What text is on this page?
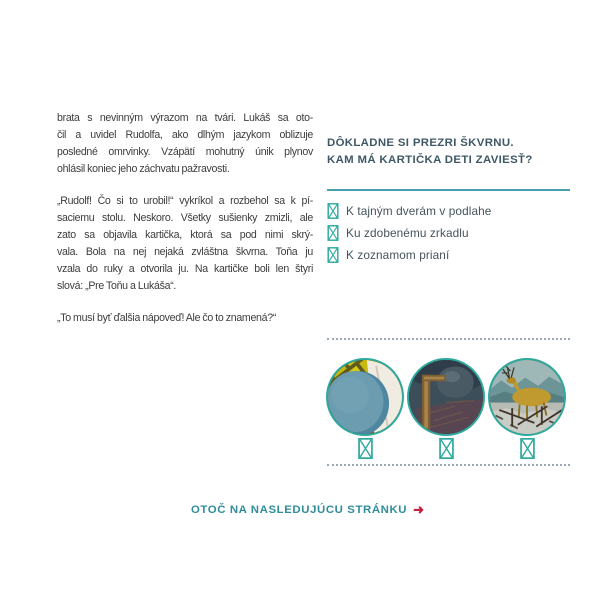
brata s nevinným výrazom na tvári. Lukáš sa oto-
čil a uvidel Rudolfa, ako dlhým jazykom oblizuje
posledné omrvinky. Vzápätí mohutný únik plynov
ohlásil koniec jeho záchvatu pažravosti.
„Rudolf! Čo si to urobil!“ vykríkol a rozbehol sa k pí-
saciemu stolu. Neskoro. Všetky sušienky zmizli, ale
zato sa objavila kartička, ktorá sa pod nimi skrý-
vala. Bola na nej nejaká zvláštna škvrna. Toňa ju
vzala do ruky a otvorila ju. Na kartičke boli len štyri
slová: „Pre Toňu a Lukáša“.
„To musí byť ďalšia nápoveď! Ale čo to znamená?“
DÔKLADNE SI PREZRI ŠKVRNU.
KAM MÁ KARTIČKA DETI ZAVIESŤ?
K tajným dverám v podlahe
Ku zdobenému zrkadlu
K zoznamom prianí
OTOČ NA NASLEDUJÚCU STRÁNKU ➜
